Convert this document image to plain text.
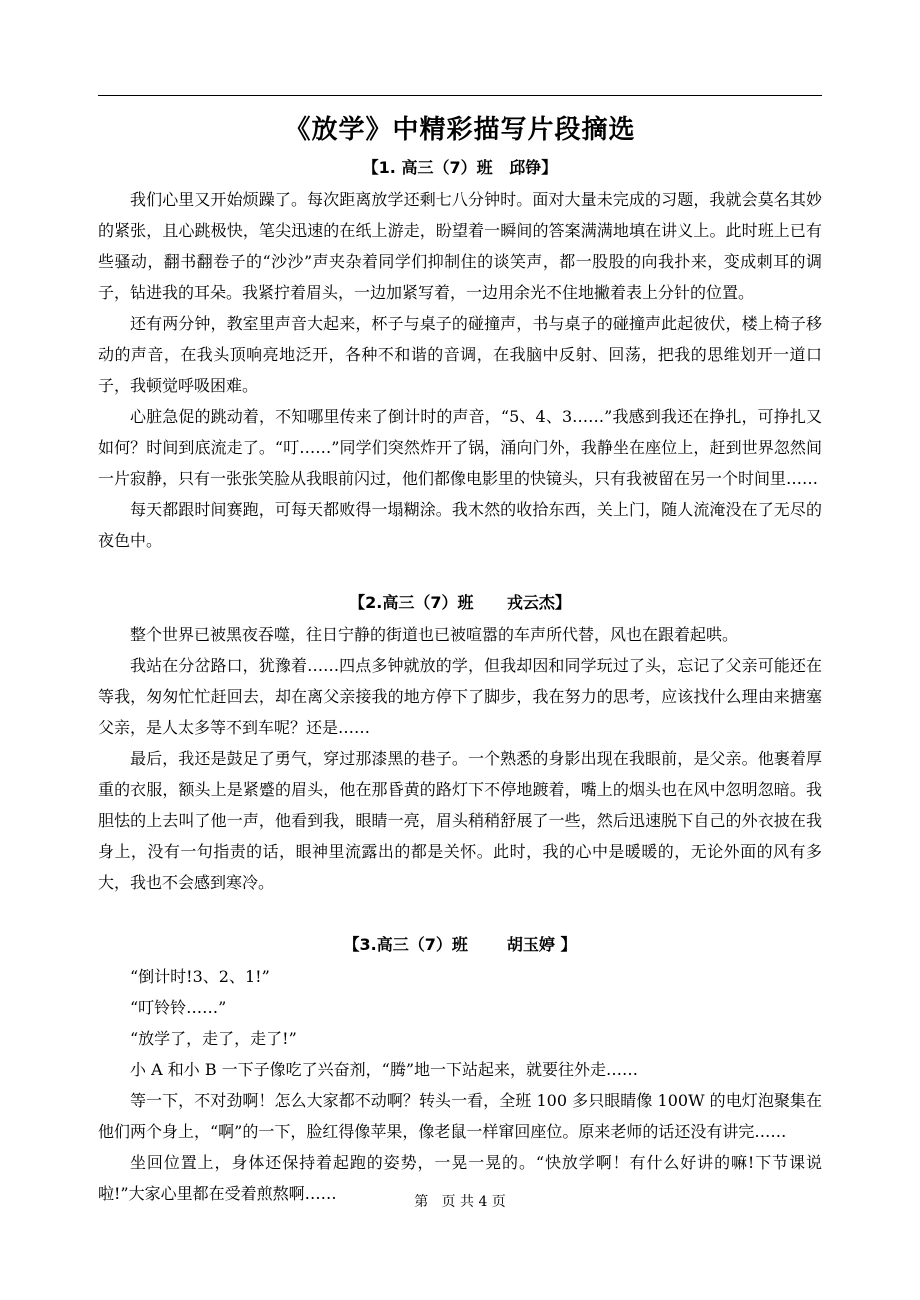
《放学》中精彩描写片段摘选
【1. 高三（7）班   邱铮】

我们心里又开始烦躁了。每次距离放学还剩七八分钟时。面对大量未完成的习题，我就会莫名其妙的紧张，且心跳极快，笔尖迅速的在纸上游走，盼望着一瞬间的答案满满地填在讲义上。此时班上已有些骚动，翻书翻卷子的“沙沙”声夹杂着同学们抑制住的谈笑声，都一股股的向我扑来，变成刺耳的调子，钻进我的耳朵。我紧拧着眉头，一边加紧写着，一边用余光不住地撇着表上分针的位置。

还有两分钟，教室里声音大起来，杯子与桌子的碰撞声，书与桌子的碰撞声此起彼伏，楼上椅子移动的声音，在我头顶响亮地泛开，各种不和谐的音调，在我脑中反射、回荡，把我的思维划开一道口子，我顿觉呼吸困难。

心脏急促的跳动着，不知哪里传来了倒计时的声音，“5、4、3……”我感到我还在挣扎，可挣扎又如何？时间到底流走了。“叮……”同学们突然炸开了锅，涌向门外，我静坐在座位上，赶到世界忽然间一片寂静，只有一张张笑脸从我眼前闪过，他们都像电影里的快镜头，只有我被留在另一个时间里……

每天都跟时间赛跑，可每天都败得一塌糊涂。我木然的收拾东西，关上门，随人流淹没在了无尽的夜色中。

【2.高三（7）班      戎云杰】

整个世界已被黑夜吞噬，往日宁静的街道也已被喧嚣的车声所代替，风也在跟着起哄。

我站在分岔路口，犹豫着……四点多钟就放的学，但我却因和同学玩过了头，忘记了父亲可能还在等我，匆匆忙忙赶回去，却在离父亲接我的地方停下了脚步，我在努力的思考，应该找什么理由来搪塞父亲，是人太多等不到车呢？还是……

最后，我还是鼓足了勇气，穿过那漆黑的巷子。一个熟悉的身影出现在我眼前，是父亲。他裹着厚重的衣服，额头上是紧蹙的眉头，他在那昏黄的路灯下不停地踱着，嘴上的烟头也在风中忽明忽暗。我胆怯的上去叫了他一声，他看到我，眼睛一亮，眉头稍稍舒展了一些，然后迅速脱下自己的外衣披在我身上，没有一句指责的话，眼神里流露出的都是关怀。此时，我的心中是暖暖的，无论外面的风有多大，我也不会感到寒冷。

【3.高三（7）班       胡玉婷 】

“倒计时!3、2、1!”

“叮铃铃……”

“放学了，走了，走了!”

小 A 和小 B 一下子像吃了兴奋剂，“腾”地一下站起来，就要往外走……

等一下，不对劲啊！怎么大家都不动啊？转头一看，全班 100 多只眼睛像 100W 的电灯泡聚集在他们两个身上，“啊”的一下，脸红得像苹果，像老鼠一样窜回座位。原来老师的话还没有讲完……

坐回位置上，身体还保持着起跑的姿势，一晃一晃的。“快放学啊！有什么好讲的嘛!下节课说啦!”大家心里都在受着煎熬啊……	第   页 共 4 页
